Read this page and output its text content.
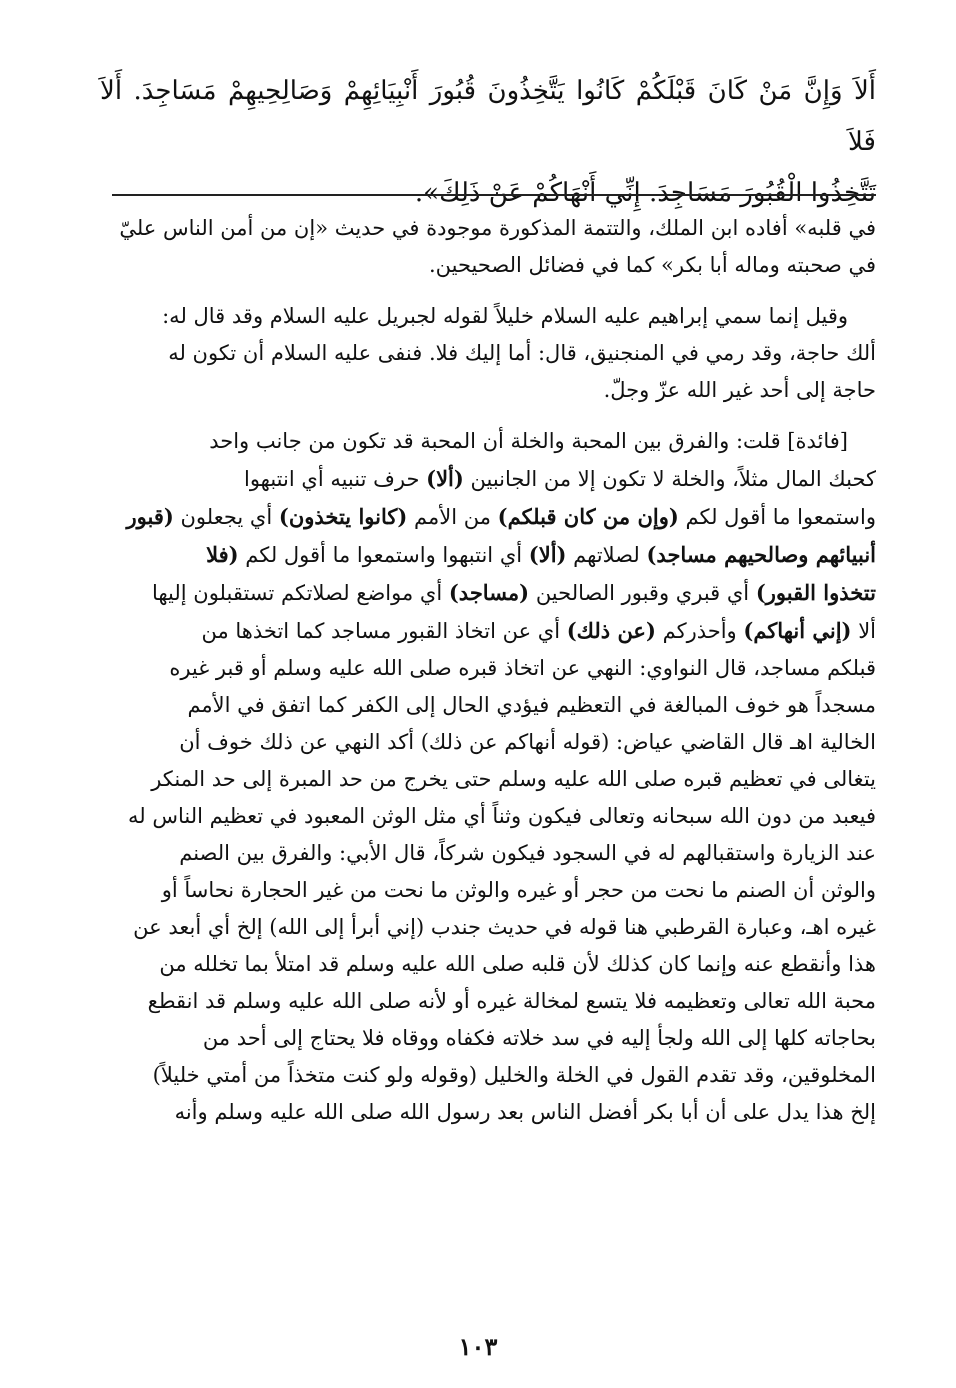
أَلاَ وَإِنَّ مَنْ كَانَ قَبْلَكُمْ كَانُوا يَتَّخِذُونَ قُبُورَ أَنْبِيَائِهِمْ وَصَالِحِيهِمْ مَسَاجِدَ. أَلاَ فَلاَ
تَتَّخِذُوا الْقُبُورَ مَسَاجِدَ. إِنِّي أَنْهَاكُمْ عَنْ ذَلِكَ».

في قلبه» أفاده ابن الملك، والتتمة المذكورة موجودة في حديث «إن من أمن الناس عليّ
في صحبته وماله أبا بكر» كما في فضائل الصحيحين.

وقيل إنما سمي إبراهيم عليه السلام خليلاً لقوله لجبريل عليه السلام وقد قال له:
ألك حاجة، وقد رمي في المنجنيق، قال: أما إليك فلا. فنفى عليه السلام أن تكون له
حاجة إلى أحد غير الله عزّ وجلّ.

[فائدة] قلت: والفرق بين المحبة والخلة أن المحبة قد تكون من جانب واحد
كحبك المال مثلاً، والخلة لا تكون إلا من الجانبين (ألا) حرف تنبيه أي انتبهوا
واستمعوا ما أقول لكم (وإن من كان قبلكم) من الأمم (كانوا يتخذون) أي يجعلون (قبور
أنبيائهم وصالحيهم مساجد) لصلاتهم (ألا) أي انتبهوا واستمعوا ما أقول لكم (فلا
تتخذوا القبور) أي قبري وقبور الصالحين (مساجد) أي مواضع لصلاتكم تستقبلون إليها
ألا (إني أنهاكم) وأحذركم (عن ذلك) أي عن اتخاذ القبور مساجد كما اتخذها من
قبلكم مساجد، قال النواوي: النهي عن اتخاذ قبره صلى الله عليه وسلم أو قبر غيره
مسجداً هو خوف المبالغة في التعظيم فيؤدي الحال إلى الكفر كما اتفق في الأمم
الخالية اهـ قال القاضي عياض: (قوله أنهاكم عن ذلك) أكد النهي عن ذلك خوف أن
يتغالى في تعظيم قبره صلى الله عليه وسلم حتى يخرج من حد المبرة إلى حد المنكر
فيعبد من دون الله سبحانه وتعالى فيكون وثناً أي مثل الوثن المعبود في تعظيم الناس له
عند الزيارة واستقبالهم له في السجود فيكون شركاً، قال الأبي: والفرق بين الصنم
والوثن أن الصنم ما نحت من حجر أو غيره والوثن ما نحت من غير الحجارة نحاساً أو
غيره اهـ، وعبارة القرطبي هنا قوله في حديث جندب (إني أبرأ إلى الله) إلخ أي أبعد عن
هذا وأنقطع عنه وإنما كان كذلك لأن قلبه صلى الله عليه وسلم قد امتلأ بما تخلله من
محبة الله تعالى وتعظيمه فلا يتسع لمخالة غيره أو لأنه صلى الله عليه وسلم قد انقطع
بحاجاته كلها إلى الله ولجأ إليه في سد خلاته فكفاه ووقاه فلا يحتاج إلى أحد من
المخلوقين، وقد تقدم القول في الخلة والخليل (وقوله ولو كنت متخذاً من أمتي خليلاً)
إلخ هذا يدل على أن أبا بكر أفضل الناس بعد رسول الله صلى الله عليه وسلم وأنه

١٠٣
